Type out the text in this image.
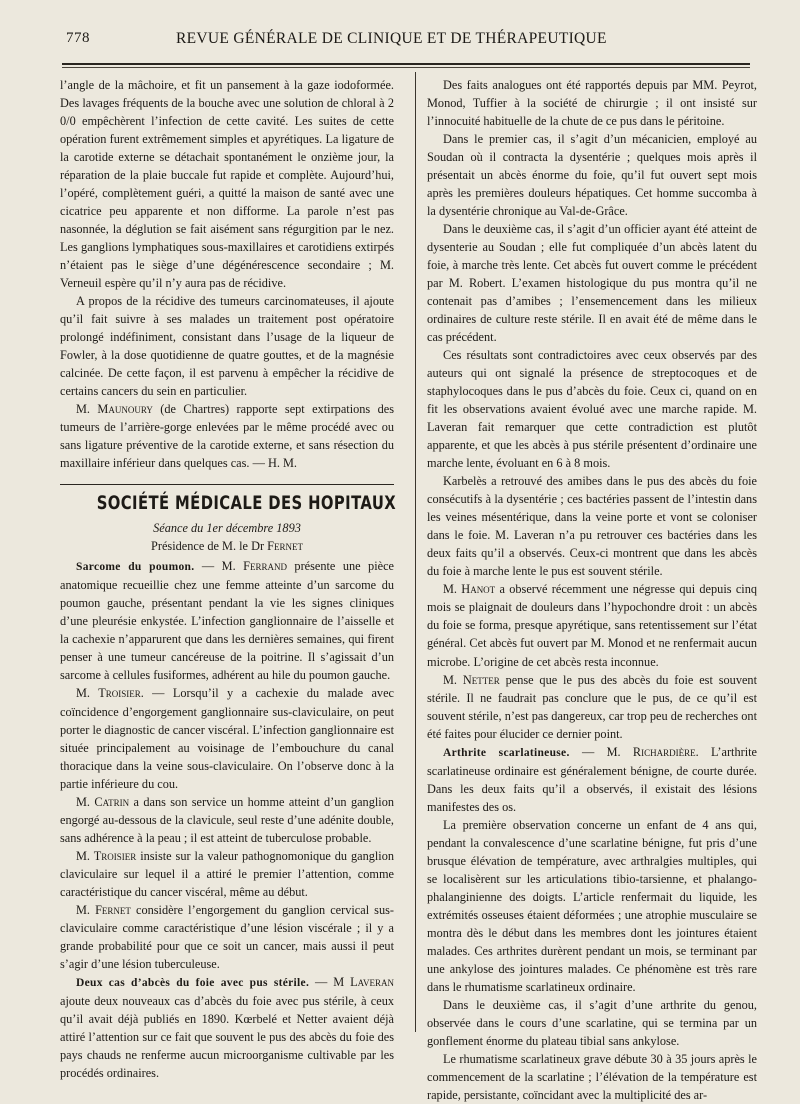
778	REVUE GÉNÉRALE DE CLINIQUE ET DE THÉRAPEUTIQUE

l’angle de la mâchoire, et fit un pansement à la gaze iodoformée. Des lavages fréquents de la bouche avec une solution de chloral à 2 0/0 empêchèrent l’infection de cette cavité. Les suites de cette opération furent extrêmement simples et apyrétiques. La ligature de la carotide externe se détachait spontanément le onzième jour, la réparation de la plaie buccale fut rapide et complète. Aujourd’hui, l’opéré, complètement guéri, a quitté la maison de santé avec une cicatrice peu apparente et non difforme. La parole n’est pas nasonnée, la déglution se fait aisément sans régurgition par le nez. Les ganglions lymphatiques sous-maxillaires et carotidiens extirpés n’étaient pas le siège d’une dégénérescence secondaire ; M. Verneuil espère qu’il n’y aura pas de récidive.

A propos de la récidive des tumeurs carcinomateuses, il ajoute qu’il fait suivre à ses malades un traitement post opératoire prolongé indéfiniment, consistant dans l’usage de la liqueur de Fowler, à la dose quotidienne de quatre gouttes, et de la magnésie calcinée. De cette façon, il est parvenu à empêcher la récidive de certains cancers du sein en particulier.

M. Maunoury (de Chartres) rapporte sept extirpations des tumeurs de l’arrière-gorge enlevées par le même procédé avec ou sans ligature préventive de la carotide externe, et sans résection du maxillaire inférieur dans quelques cas. — H. M.

SOCIÉTÉ MÉDICALE DES HOPITAUX
Séance du 1er décembre 1893
Présidence de M. le Dr Fernet

Sarcome du poumon. — M. Ferrand présente une pièce anatomique recueillie chez une femme atteinte d’un sarcome du poumon gauche, présentant pendant la vie les signes cliniques d’une pleurésie enkystée. L’infection ganglionnaire de l’aisselle et la cachexie n’apparurent que dans les dernières semaines, qui firent penser à une tumeur cancéreuse de la poitrine. Il s’agissait d’un sarcome à cellules fusiformes, adhérent au hile du poumon gauche.

M. Troisier. — Lorsqu’il y a cachexie du malade avec coïncidence d’engorgement ganglionnaire sus-claviculaire, on peut porter le diagnostic de cancer viscéral. L’infection ganglionnaire est située principalement au voisinage de l’embouchure du canal thoracique dans la veine sous-claviculaire. On l’observe donc à la partie inférieure du cou.

M. Catrin a dans son service un homme atteint d’un ganglion engorgé au-dessous de la clavicule, seul reste d’une adénite double, sans adhérence à la peau ; il est atteint de tuberculose probable.

M. Troisier insiste sur la valeur pathognomonique du ganglion claviculaire sur lequel il a attiré le premier l’attention, comme caractéristique du cancer viscéral, même au début.

M. Fernet considère l’engorgement du ganglion cervical sus-claviculaire comme caractéristique d’une lésion viscérale ; il y a grande probabilité pour que ce soit un cancer, mais aussi il peut s’agir d’une lésion tuberculeuse.

Deux cas d’abcès du foie avec pus stérile. — M Laveran ajoute deux nouveaux cas d’abcès du foie avec pus stérile, à ceux qu’il avait déjà publiés en 1890. Kœrbelé et Netter avaient déjà attiré l’attention sur ce fait que souvent le pus des abcès du foie des pays chauds ne renferme aucun microorganisme cultivable par les procédés ordinaires.

Des faits analogues ont été rapportés depuis par MM. Peyrot, Monod, Tuffier à la société de chirurgie ; il ont insisté sur l’innocuité habituelle de la chute de ce pus dans le péritoine.

Dans le premier cas, il s’agit d’un mécanicien, employé au Soudan où il contracta la dysentérie ; quelques mois après il présentait un abcès énorme du foie, qu’il fut ouvert sept mois après les premières douleurs hépatiques. Cet homme succomba à la dysentérie chronique au Val-de-Grâce.

Dans le deuxième cas, il s’agit d’un officier ayant été atteint de dysenterie au Soudan ; elle fut compliquée d’un abcès latent du foie, à marche très lente. Cet abcès fut ouvert comme le précédent par M. Robert. L’examen histologique du pus montra qu’il ne contenait pas d’amibes ; l’ensemencement dans les milieux ordinaires de culture reste stérile. Il en avait été de même dans le cas précédent.

Ces résultats sont contradictoires avec ceux observés par des auteurs qui ont signalé la présence de streptocoques et de staphylocoques dans le pus d’abcès du foie. Ceux ci, quand on en fit les observations avaient évolué avec une marche rapide. M. Laveran fait remarquer que cette contradiction est plutôt apparente, et que les abcès à pus stérile présentent d’ordinaire une marche lente, évoluant en 6 à 8 mois.

Karbelès a retrouvé des amibes dans le pus des abcès du foie consécutifs à la dysentérie ; ces bactéries passent de l’intestin dans les veines mésentérique, dans la veine porte et vont se coloniser dans le foie. M. Laveran n’a pu retrouver ces bactéries dans les deux faits qu’il a observés. Ceux-ci montrent que dans les abcès du foie à marche lente le pus est souvent stérile.

M. Hanot a observé récemment une négresse qui depuis cinq mois se plaignait de douleurs dans l’hypochondre droit : un abcès du foie se forma, presque apyrétique, sans retentissement sur l’état général. Cet abcès fut ouvert par M. Monod et ne renfermait aucun microbe. L’origine de cet abcès resta inconnue.

M. Netter pense que le pus des abcès du foie est souvent stérile. Il ne faudrait pas conclure que le pus, de ce qu’il est souvent stérile, n’est pas dangereux, car trop peu de recherches ont été faites pour élucider ce dernier point.

Arthrite scarlatineuse. — M. Richardière. L’arthrite scarlatineuse ordinaire est généralement bénigne, de courte durée. Dans les deux faits qu’il a observés, il existait des lésions manifestes des os.

La première observation concerne un enfant de 4 ans qui, pendant la convalescence d’une scarlatine bénigne, fut pris d’une brusque élévation de température, avec arthralgies multiples, qui se localisèrent sur les articulations tibio-tarsienne, et phalango-phalanginienne des doigts. L’article renfermait du liquide, les extrémités osseuses étaient déformées ; une atrophie musculaire se montra dès le début dans les membres dont les jointures étaient malades. Ces arthrites durèrent pendant un mois, se terminant par une ankylose des jointures malades. Ce phénomène est très rare dans le rhumatisme scarlatineux ordinaire.

Dans le deuxième cas, il s’agit d’une arthrite du genou, observée dans le cours d’une scarlatine, qui se termina par un gonflement énorme du plateau tibial sans ankylose.

Le rhumatisme scarlatineux grave débute 30 à 35 jours après le commencement de la scarlatine ; l’élévation de la température est rapide, persistante, coïncidant avec la multiplicité des ar-
